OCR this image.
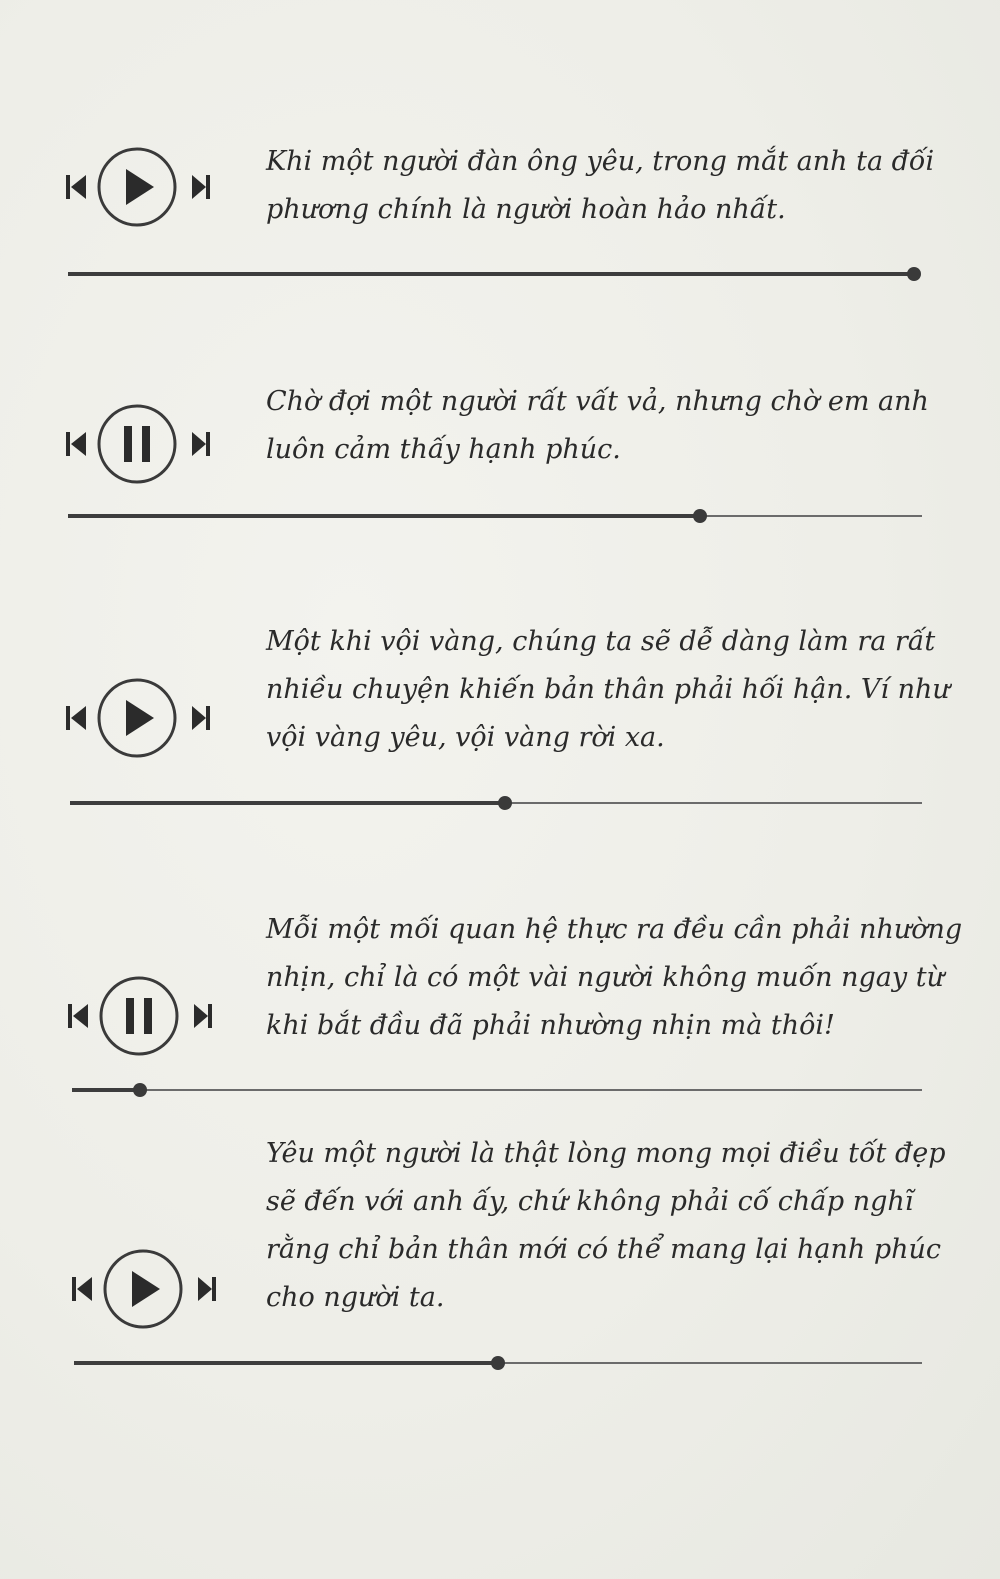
Khi một người đàn ông yêu, trong mắt anh ta đối
phương chính là người hoàn hảo nhất.

Chờ đợi một người rất vất vả, nhưng chờ em anh
luôn cảm thấy hạnh phúc.

Một khi vội vàng, chúng ta sẽ dễ dàng làm ra rất
nhiều chuyện khiến bản thân phải hối hận. Ví như
vội vàng yêu, vội vàng rời xa.

Mỗi một mối quan hệ thực ra đều cần phải nhường
nhịn, chỉ là có một vài người không muốn ngay từ
khi bắt đầu đã phải nhường nhịn mà thôi!

Yêu một người là thật lòng mong mọi điều tốt đẹp
sẽ đến với anh ấy, chứ không phải cố chấp nghĩ
rằng chỉ bản thân mới có thể mang lại hạnh phúc
cho người ta.
